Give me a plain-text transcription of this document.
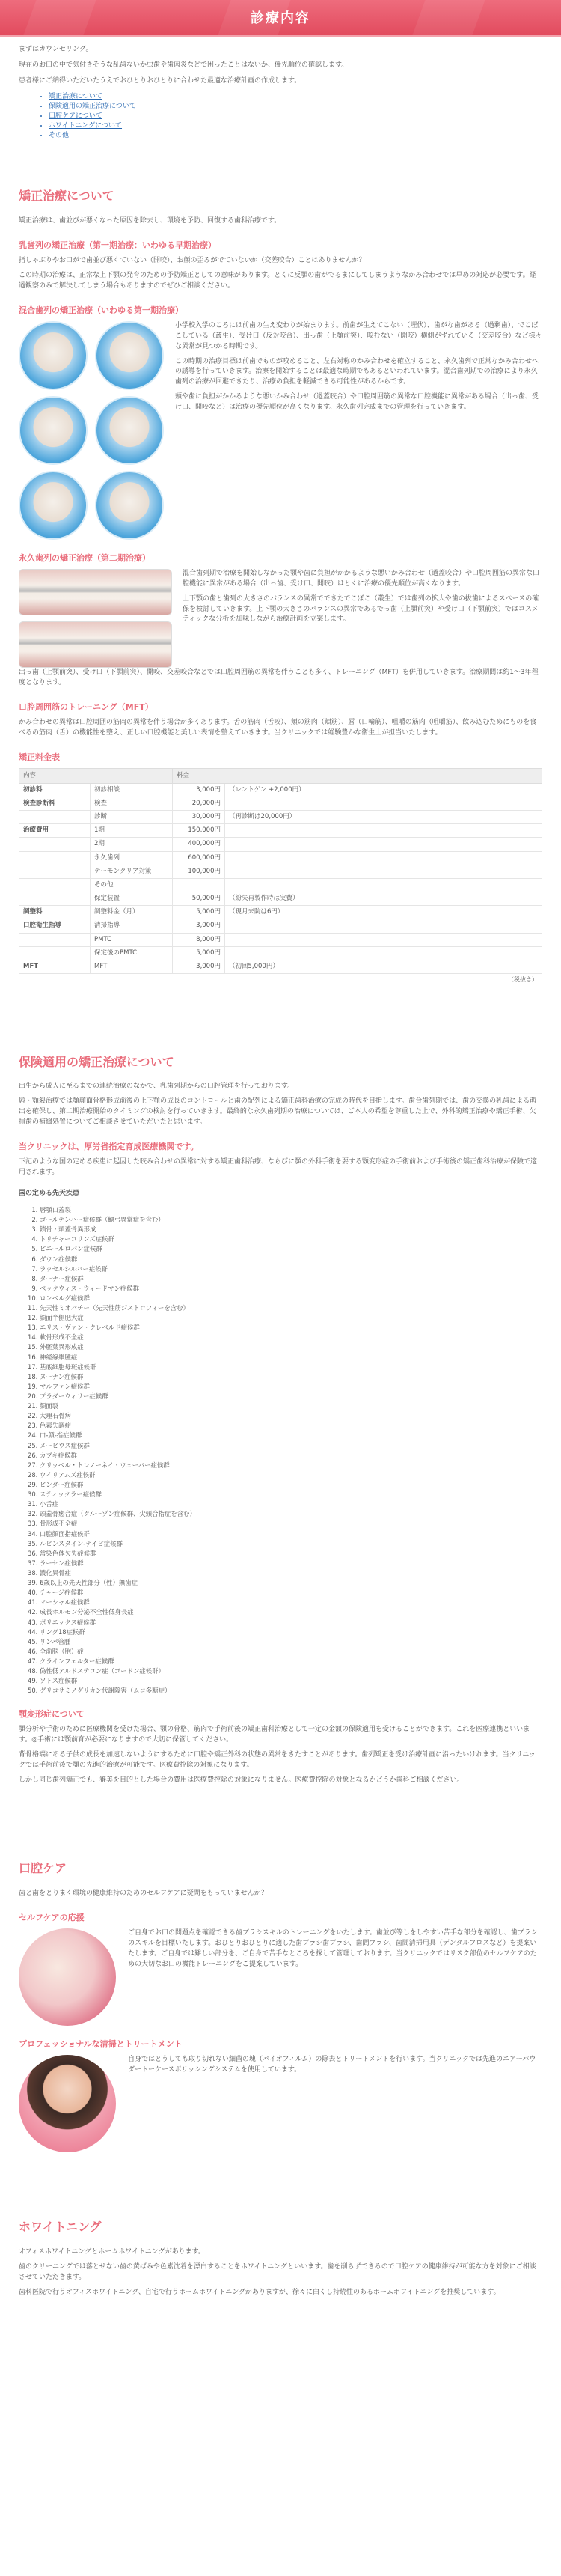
診療内容

まずはカウンセリング。

現在のお口の中で気付きそうな乱歯ないか虫歯や歯肉炎などで困ったことはないか、優先順位の確認します。

患者様にご納得いただいたうえでおひとりおひとりに合わせた最適な治療計画の作成します。

• 矯正治療について
• 保険適用の矯正治療について
• 口腔ケアについて
• ホワイトニングについて
• その他
矯正治療について

矯正治療は、歯並びが悪くなった原因を除去し、環境を予防、回復する歯科治療です。

乳歯列の矯正治療（第一期治療：いわゆる早期治療）

指しゃぶりやお口がで歯並び悪くていない（開咬）、お顔の歪みがでていないか（交差咬合）ことはありませんか？

この時期の治療は、正常な上下顎の発育のための予防矯正としての意味があります。とくに反顎の歯がでるまにしてしまうようなかみ合わせでは早めの対応が必要です。経過観察のみで解決してしまう場合もありますのでぜひご相談ください。

混合歯列の矯正治療（いわゆる第一期治療）

小学校入学のころには前歯の生え変わりが始まります。前歯が生えてこない（埋伏）、歯がな歯がある（過剰歯）、でこぼこしている（叢生）、受け口（反対咬合）、出っ歯（上顎前突）、咬むない（開咬）横側がずれている（交差咬合）など様々な異常が見つかる時期です。

この時期の治療目標は前歯でものが咬めること、左右対称のかみ合わせを確立すること、永久歯列で正常なかみ合わせへの誘導を行っていきます。治療を開始することは最適な時期でもあるといわれています。混合歯列期での治療により永久歯列の治療が回避できたり、治療の負担を軽減できる可能性があるからです。

頭や歯に負担がかかるような悪いかみ合わせ（過蓋咬合）や口腔周囲筋の異常な口腔機能に異常がある場合（出っ歯、受け口、開咬など）は治療の優先順位が高くなります。永久歯列完成までの管理を行っていきます。

永久歯列の矯正治療（第二期治療）

混合歯列期で治療を開始しなかった顎や歯に負担がかかるような悪いかみ合わせ（過蓋咬合）や口腔周囲筋の異常な口腔機能に異常がある場合（出っ歯、受け口、開咬）はとくに治療の優先順位が高くなります。

上下顎の歯と歯列の大きさのバランスの異常でできたでこぼこ（叢生）では歯列の拡大や歯の抜歯によるスペースの確保を検討していきます。上下顎の大きさのバランスの異常であるでっ歯（上顎前突）や受け口（下顎前突）ではコスメティックな分析を加味しながら治療計画を立案します。

出っ歯（上顎前突）、受け口（下顎前突）、開咬、交差咬合などでは口腔周囲筋の異常を伴うことも多く、トレーニング（MFT）を併用していきます。治療期間は約1〜3年程度となります。

口腔周囲筋のトレーニング（MFT）

かみ合わせの異常は口腔周囲の筋肉の異常を伴う場合が多くあります。舌の筋肉（舌咬）、頬の筋肉（頬筋）、唇（口輪筋）、咀嚼の筋肉（咀嚼筋）、飲み込むためにものを食べるの筋肉（舌）の機能性を整え、正しい口腔機能と美しい表情を整えていきます。当クリニックでは経験豊かな衛生士が担当いたします。

矯正料金表
内容		料金	
初診料	初診相談	3,000円	（レントゲン +2,000円）
検査診断料	検査	20,000円	
	診断	30,000円	（再診断は20,000円）
治療費用	1期	150,000円	
	2期	400,000円	
	永久歯列	600,000円	
	テーモンクリア対策	100,000円	
	その他		
	保定装置	50,000円	（紛失再製作時は実費）
調整料	調整料金（月）	5,000円	（現月来院は6円）
口腔衛生指導	清掃指導	3,000円	
	PMTC	8,000円	
	保定後のPMTC	5,000円	
MFT	MFT	3,000円	（初回5,000円）
（税抜き）
保険適用の矯正治療について

出生から成人に至るまでの連続治療のなかで、乳歯列期からの口腔管理を行っております。

唇・顎裂治療では顎顔面骨格形成前後の上下顎の成長のコントロールと歯の配列による矯正歯科治療の完成の時代を目指します。歯合歯列期では、歯の交換の乳歯による萌出を確保し、第二期治療開始のタイミングの検討を行っていきます。最終的な永久歯列期の治療については、ご本人の希望を尊重した上で、外科的矯正治療や矯正手術、欠損歯の補綴処置についてご相談させていただいたと思います。

当クリニックは、厚労省指定育成医療機関です。

下記のような国の定める疾患に起因した咬み合わせの異常に対する矯正歯科治療、ならびに顎の外科手術を要する顎変形症の手術前および手術後の矯正歯科治療が保険で適用されます。

国の定める先天疾患

1. 唇顎口蓋裂
2. ゴールデンハー症候群（鰓弓異常症を含む）
3. 鎖骨・頭蓋骨異形成
4. トリチャーコリンズ症候群
5. ピエールロバン症候群
6. ダウン症候群
7. ラッセルシルバー症候群
8. ターナー症候群
9. ベックウィス・ウィードマン症候群
10. ロンベルグ症候群
11. 先天性ミオパチー（先天性筋ジストロフィーを含む）
12. 顔面半側肥大症
13. エリス・ヴァン・クレベルド症候群
14. 軟骨形成不全症
15. 外胚葉異形成症
16. 神経線維腫症
17. 基底細胞母斑症候群
18. ヌーナン症候群
19. マルファン症候群
20. プラダーウィリー症候群
21. 顔面裂
22. 大理石骨病
23. 色素失調症
24. 口-顔-指症候群
25. メービウス症候群
26. カブキ症候群
27. クリッペル・トレノーネイ・ウェーバー症候群
28. ウイリアムズ症候群
29. ビンダー症候群
30. スティックラー症候群
31. 小舌症
32. 頭蓋骨癒合症（クルーゾン症候群、尖頭合指症を含む）
33. 骨形成不全症
34. 口腔顔面指症候群
35. ルビンスタイン-テイビ症候群
36. 常染色体欠失症候群
37. ラーセン症候群
38. 濃化異骨症
39. 6歳以上の先天性部分（性）無歯症
40. チャージ症候群
41. マーシャル症候群
42. 成長ホルモン分泌不全性低身長症
43. ポリエックス症候群
44. リング18症候群
45. リンパ管腫
46. 全前脳（胞）症
47. クラインフェルター症候群
48. 偽性低アルドステロン症（ゴードン症候群）
49. ソトス症候群
50. グリコサミノグリカン代謝障害（ムコ多糖症）
顎変形症について

顎分析や手術のために医療機関を受けた場合、顎の骨格、筋肉で手術前後の矯正歯科治療として一定の金額の保険適用を受けることができます。これを医療連携といいます。◎手術には顎前育が必要になりますので大切に保管してください。

背骨格端にある子供の成長を加速しないようにするために口腔や矯正外科の状態の異常をきたすことがあります。歯列矯正を受け治療計画に沿ったいけれます。当クリニックでは手術前後で顎の先進的治療が可能です。医療費控除の対象になります。

しかし同じ歯列矯正でも、審美を目的とした場合の費用は医療費控除の対象になりません。医療費控除の対象となるかどうか歯科ご相談ください。

口腔ケア

歯と歯をとりまく環境の健康維持のためのセルフケアに疑問をもっていませんか？

セルフケアの応援

ご自身でお口の問題点を確認できる歯ブラシスキルのトレーニングをいたします。歯並び等しをしやすい苦手な部分を確認し、歯ブラシのスキルを目標いたします。おひとりおひとりに適した歯ブラシ歯ブラシ、歯間ブラシ、歯間清掃用具（デンタルフロスなど）を提案いたします。ご自身では難しい部分を、ご自身で苦手なところを探して管理しております。当クリニックではリスク部位のセルフケアのための大切なお口の機能トレーニングをご提案しています。

プロフェッショナルな清掃とトリートメント

自身ではとうしても取り切れない細菌の塊（バイオフィルム）の除去とトリートメントを行います。当クリニックでは先進のエアーパウダートーケースポリッシングシステムを使用しています。

ホワイトニング

オフィスホワイトニングとホームホワイトニングがあります。

歯のクリーニングでは落とせない歯の黄ばみや色素沈着を漂白することをホワイトニングといいます。歯を削らずできるので口腔ケアの健康維持が可能な方を対象にご相談させていただきます。

歯科医院で行うオフィスホワイトニング、自宅で行うホームホワイトニングがありますが、徐々に白くし持続性のあるホームホワイトニングを推奨しています。
